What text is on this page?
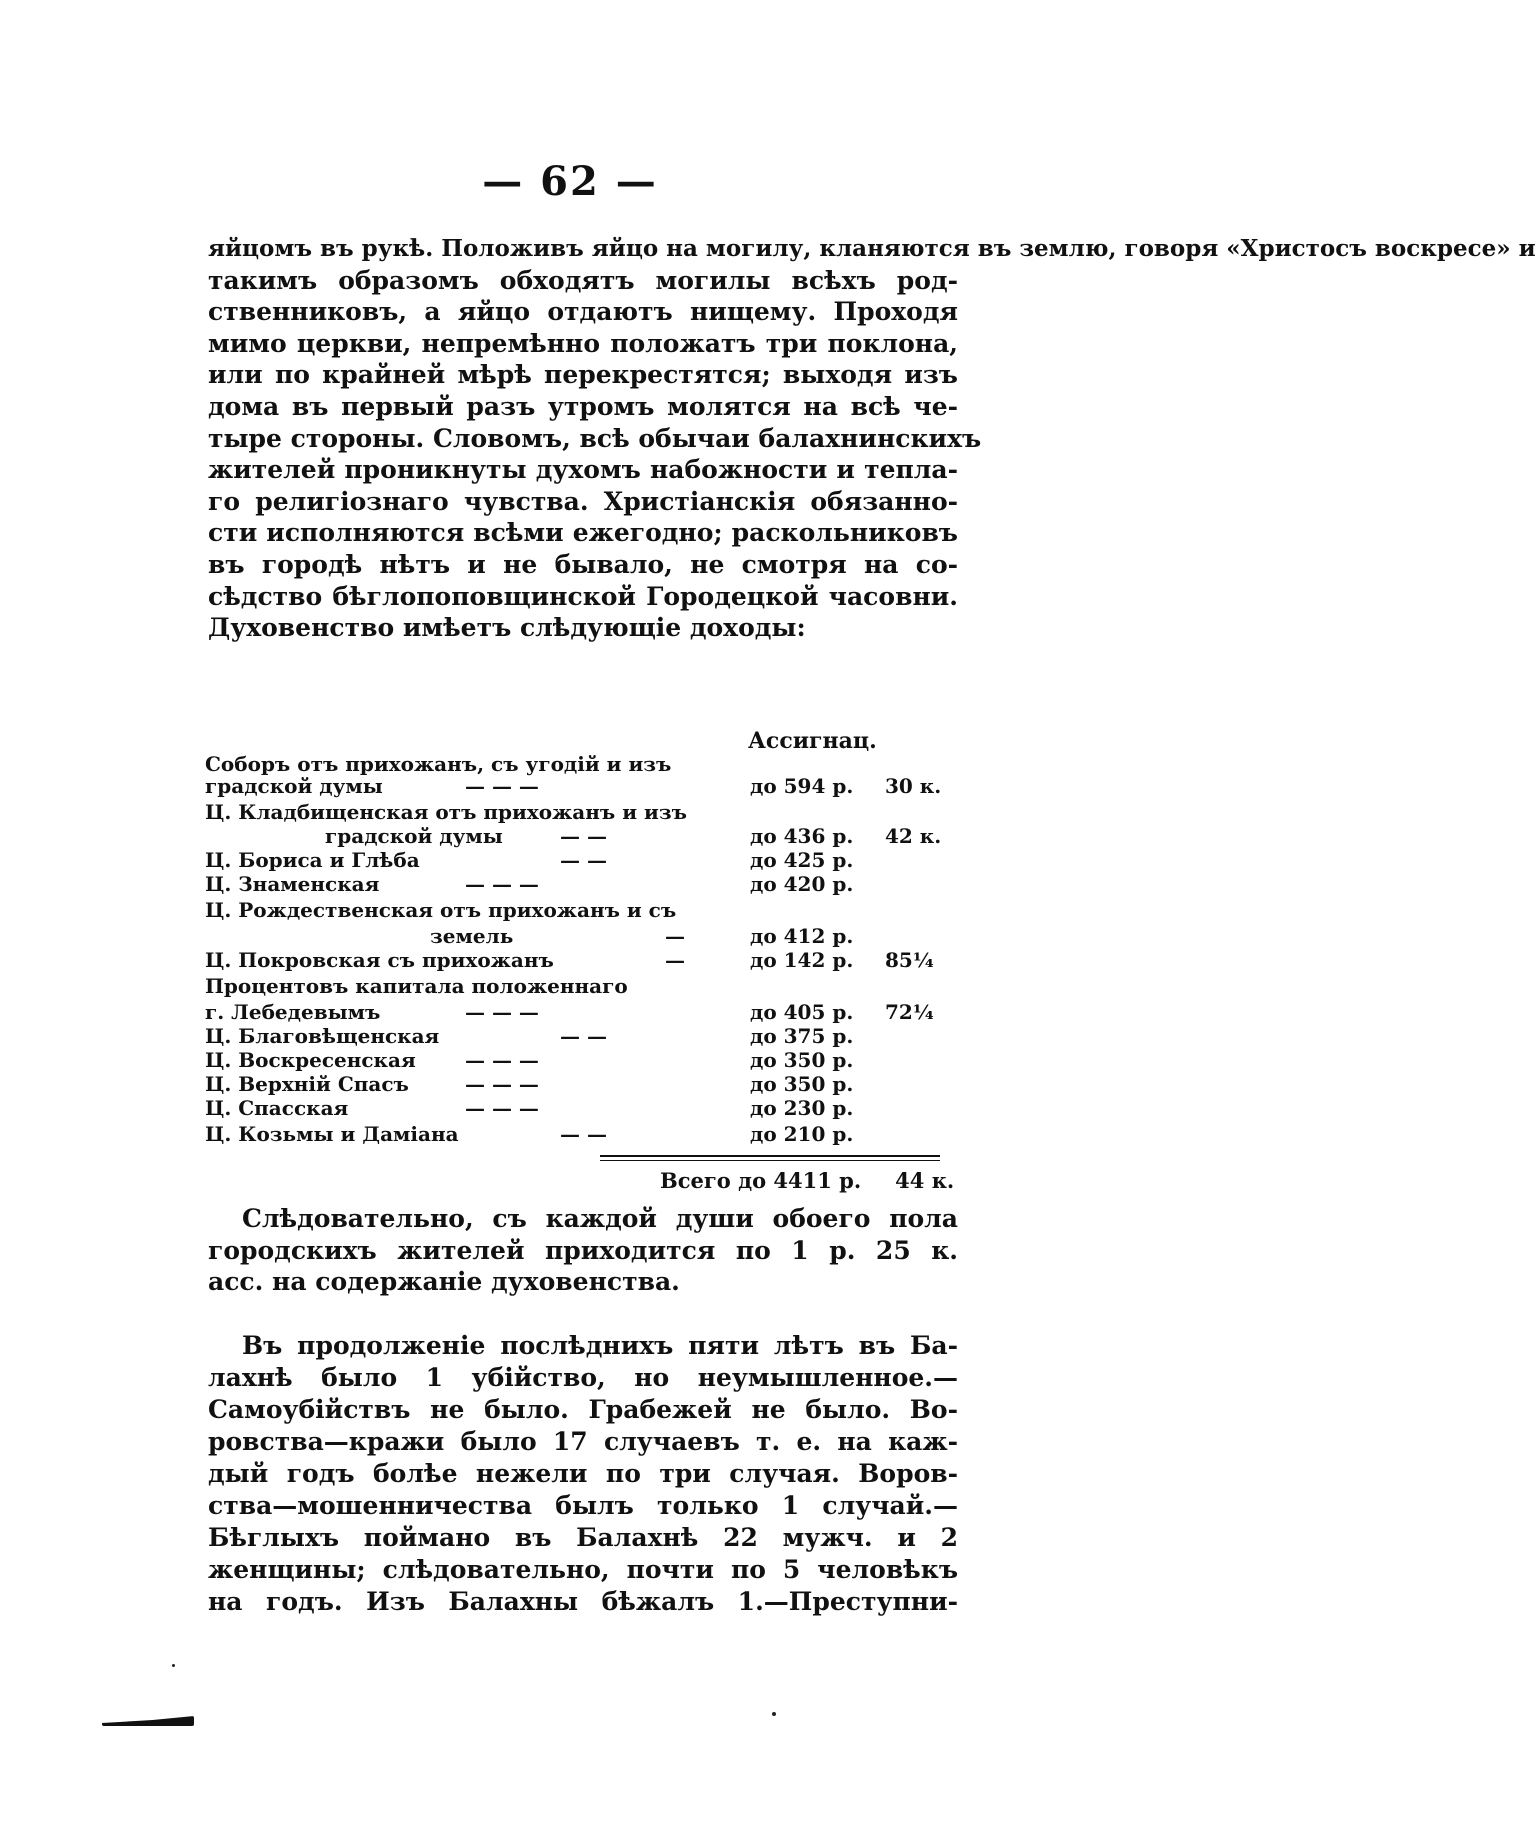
— 62 —
яйцомъ въ рукѣ. Положивъ яйцо на могилу, кланяются въ землю, говоря «Христосъ воскресе» и
такимъ образомъ обходятъ могилы всѣхъ род-
ственниковъ, а яйцо отдаютъ нищему. Проходя
мимо церкви, непремѣнно положатъ три поклона,
или по крайней мѣрѣ перекрестятся; выходя изъ
дома въ первый разъ утромъ молятся на всѣ че-
тыре стороны. Словомъ, всѣ обычаи балахнинскихъ
жителей проникнуты духомъ набожности и тепла-
го религіознаго чувства. Христіанскія обязанно-
сти исполняются всѣми ежегодно; раскольниковъ
въ городѣ нѣтъ и не бывало, не смотря на со-
сѣдство бѣглопоповщинской Городецкой часовни.
Духовенство имѣетъ слѣдующіе доходы:
Ассигнац.
Соборъ отъ прихожанъ, съ угодій и изъ
градской думы	— — —	до 594 р. 30 к.
Ц. Кладбищенская отъ прихожанъ и изъ
градской думы	— —	до 436 р. 42 к.
Ц. Бориса и Глѣба	— —	до 425 р.
Ц. Знаменская	— — —	до 420 р.
Ц. Рождественская отъ прихожанъ и съ
земель	—	до 412 р.
Ц. Покровская съ прихожанъ	—	до 142 р. 85¼
Процентовъ капитала положеннаго
г. Лебедевымъ	— — —	до 405 р. 72¼
Ц. Благовѣщенская	— —	до 375 р.
Ц. Воскресенская — — —	до 350 р.
Ц. Верхній Спасъ	— — —	до 350 р.
Ц. Спасская	— — —	до 230 р.
Ц. Козьмы и Даміана	— —	до 210 р.
Всего до 4411 р. 44 к.
Слѣдовательно, съ каждой души обоего пола
городскихъ жителей приходится по 1 р. 25 к.
асс. на содержаніе духовенства.
Въ продолженіе послѣднихъ пяти лѣтъ въ Ба-
лахнѣ было 1 убійство, но неумышленное.—
Самоубійствъ не было. Грабежей не было. Во-
ровства—кражи было 17 случаевъ т. е. на каж-
дый годъ болѣе нежели по три случая. Воров-
ства—мошенничества былъ только 1 случай.—
Бѣглыхъ поймано въ Балахнѣ 22 мужч. и 2
женщины; слѣдовательно, почти по 5 человѣкъ
на годъ. Изъ Балахны бѣжалъ 1.—Преступни-
